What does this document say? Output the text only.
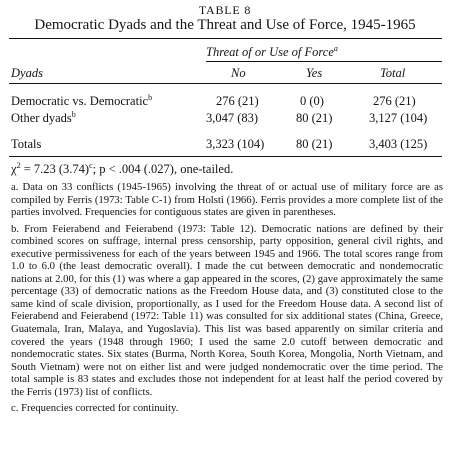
TABLE 8
Democratic Dyads and the Threat and Use of Force, 1945-1965
Threat of or Use of Force$^a$
Dyads	No	Yes	Total
Democratic vs. Democratic$^b$	276 (21)	0 (0)	276 (21)
Other dyads$^b$	3,047 (83)	80 (21)	3,127 (104)
Totals	3,323 (104)	80 (21)	3,403 (125)
$\chi^2 = 7.23$ $(3.74)^c$; p < .004 (.027), one-tailed.

a. Data on 33 conflicts (1945-1965) involving the threat of or actual use of military force are as compiled by Ferris (1973: Table C-1) from Holsti (1966). Ferris provides a more complete list of the parties involved. Frequencies for contiguous states are given in parentheses.

b. From Feierabend and Feierabend (1973: Table 12). Democratic nations are defined by their combined scores on suffrage, internal press censorship, party opposition, general civil rights, and executive permissiveness for each of the years between 1945 and 1966. The total scores range from 1.0 to 6.0 (the least democratic overall). I made the cut between democratic and nondemocratic nations at 2.00, for this (1) was where a gap appeared in the scores, (2) gave approximately the same percentage (33) of democratic nations as the Freedom House data, and (3) constituted close to the same kind of scale division, proportionally, as I used for the Freedom House data. A second list of Feierabend and Feierabend (1972: Table 11) was consulted for six additional states (China, Greece, Guatemala, Iran, Malaya, and Yugoslavia). This list was based apparently on similar criteria and covered the years (1948 through 1960; I used the same 2.0 cutoff between democratic and nondemocratic states. Six states (Burma, North Korea, South Korea, Mongolia, North Vietnam, and South Vietnam) were not on either list and were judged nondemocratic over the time period. The total sample is 83 states and excludes those not independent for at least half the period covered by the Ferris (1973) list of conflicts.

c. Frequencies corrected for continuity.
